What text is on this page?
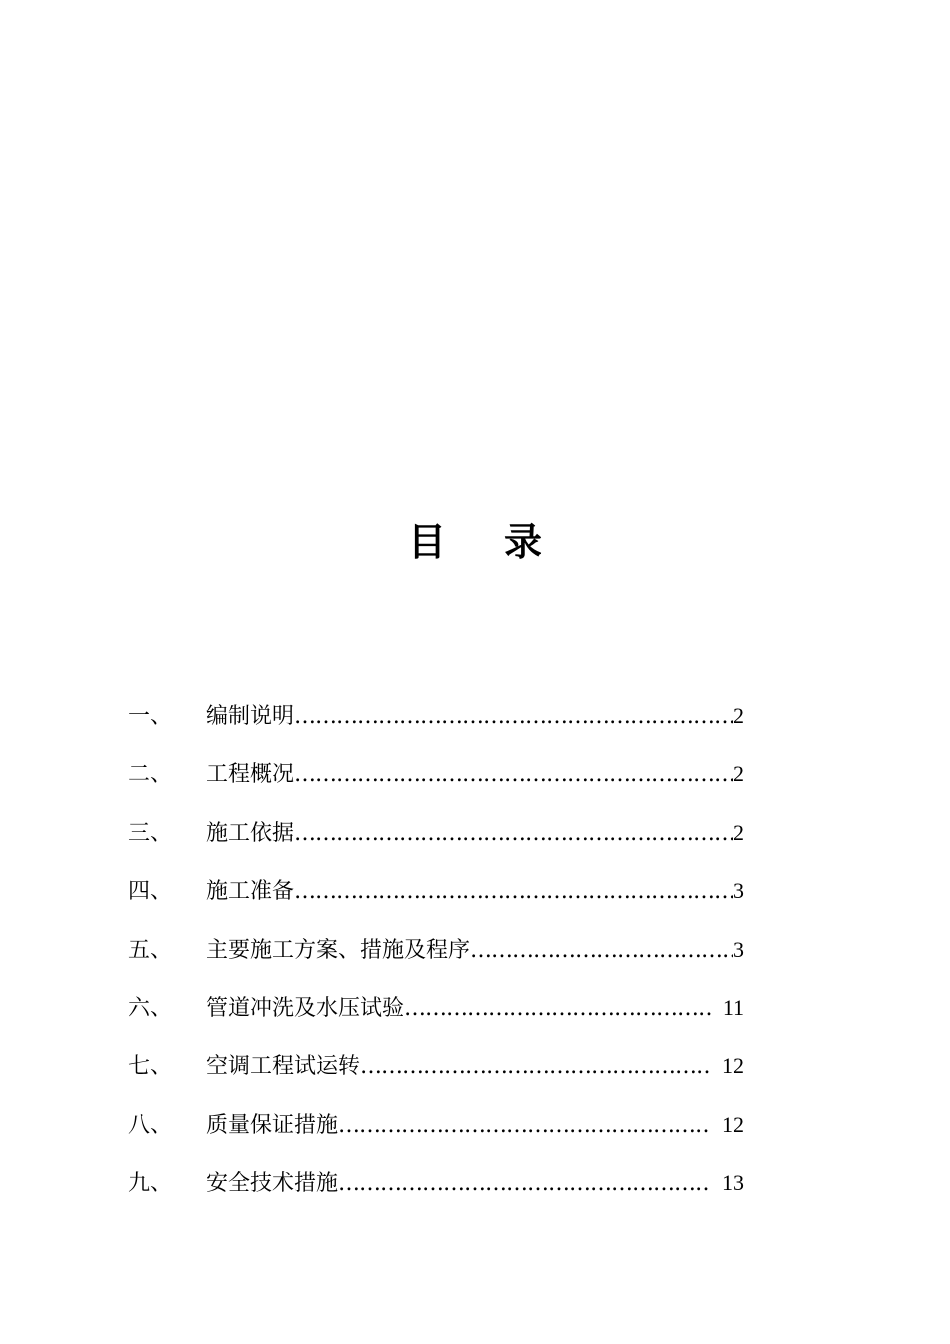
目 录
一、	编制说明 ……………………………………………………………………………………………………………………………………	2
二、	工程概况 ……………………………………………………………………………………………………………………………………	2
三、	施工依据 ……………………………………………………………………………………………………………………………………	2
四、	施工准备 ……………………………………………………………………………………………………………………………………	3
五、	主要施工方案、措施及程序 ……………………………………………………………………………………………………………………………………	3
六、	管道冲洗及水压试验 ……………………………………………………………………………………………………………………………………	11
七、	空调工程试运转 ……………………………………………………………………………………………………………………………………	12
八、	质量保证措施 ……………………………………………………………………………………………………………………………………	12
九、	安全技术措施 ……………………………………………………………………………………………………………………………………	13
